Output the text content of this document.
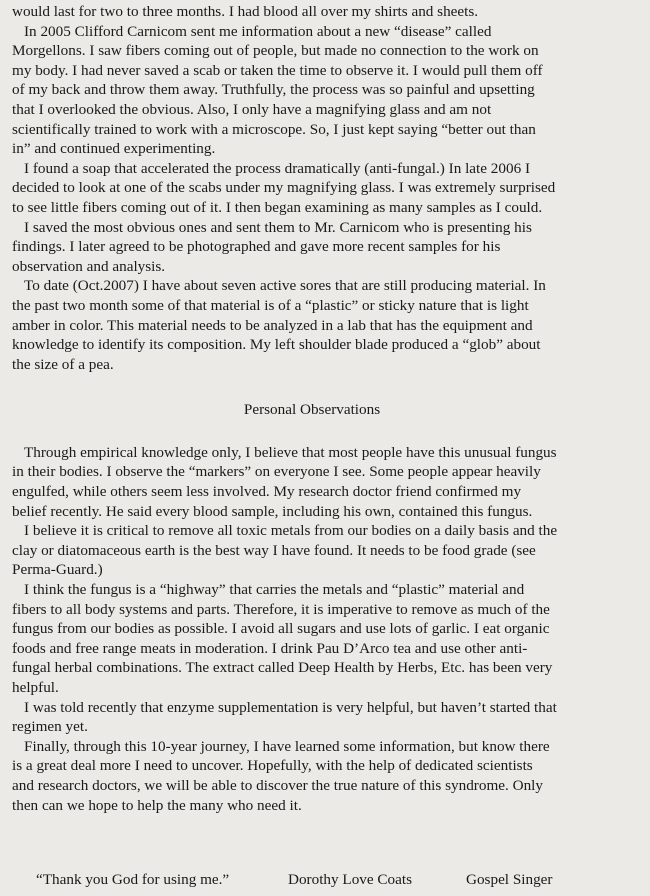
would last for two to three months. I had blood all over my shirts and sheets.
In 2005 Clifford Carnicom sent me information about a new “disease” called
Morgellons. I saw fibers coming out of people, but made no connection to the work on
my body. I had never saved a scab or taken the time to observe it. I would pull them off
of my back and throw them away. Truthfully, the process was so painful and upsetting
that I overlooked the obvious. Also, I only have a magnifying glass and am not
scientifically trained to work with a microscope. So, I just kept saying “better out than
in” and continued experimenting.
I found a soap that accelerated the process dramatically (anti-fungal.) In late 2006 I
decided to look at one of the scabs under my magnifying glass. I was extremely surprised
to see little fibers coming out of it. I then began examining as many samples as I could.
I saved the most obvious ones and sent them to Mr. Carnicom who is presenting his
findings. I later agreed to be photographed and gave more recent samples for his
observation and analysis.
To date (Oct.2007) I have about seven active sores that are still producing material. In
the past two month some of that material is of a “plastic” or sticky nature that is light
amber in color. This material needs to be analyzed in a lab that has the equipment and
knowledge to identify its composition. My left shoulder blade produced a “glob” about
the size of a pea.
Personal Observations
Through empirical knowledge only, I believe that most people have this unusual fungus
in their bodies. I observe the “markers” on everyone I see. Some people appear heavily
engulfed, while others seem less involved. My research doctor friend confirmed my
belief recently. He said every blood sample, including his own, contained this fungus.
I believe it is critical to remove all toxic metals from our bodies on a daily basis and the
clay or diatomaceous earth is the best way I have found. It needs to be food grade (see
Perma-Guard.)
I think the fungus is a “highway” that carries the metals and “plastic” material and
fibers to all body systems and parts. Therefore, it is imperative to remove as much of the
fungus from our bodies as possible. I avoid all sugars and use lots of garlic. I eat organic
foods and free range meats in moderation. I drink Pau D’Arco tea and use other anti-
fungal herbal combinations. The extract called Deep Health by Herbs, Etc. has been very
helpful.
I was told recently that enzyme supplementation is very helpful, but haven’t started that
regimen yet.
Finally, through this 10-year journey, I have learned some information, but know there
is a great deal more I need to uncover. Hopefully, with the help of dedicated scientists
and research doctors, we will be able to discover the true nature of this syndrome. Only
then can we hope to help the many who need it.
“Thank you God for using me.”	Dorothy Love Coats	Gospel Singer
